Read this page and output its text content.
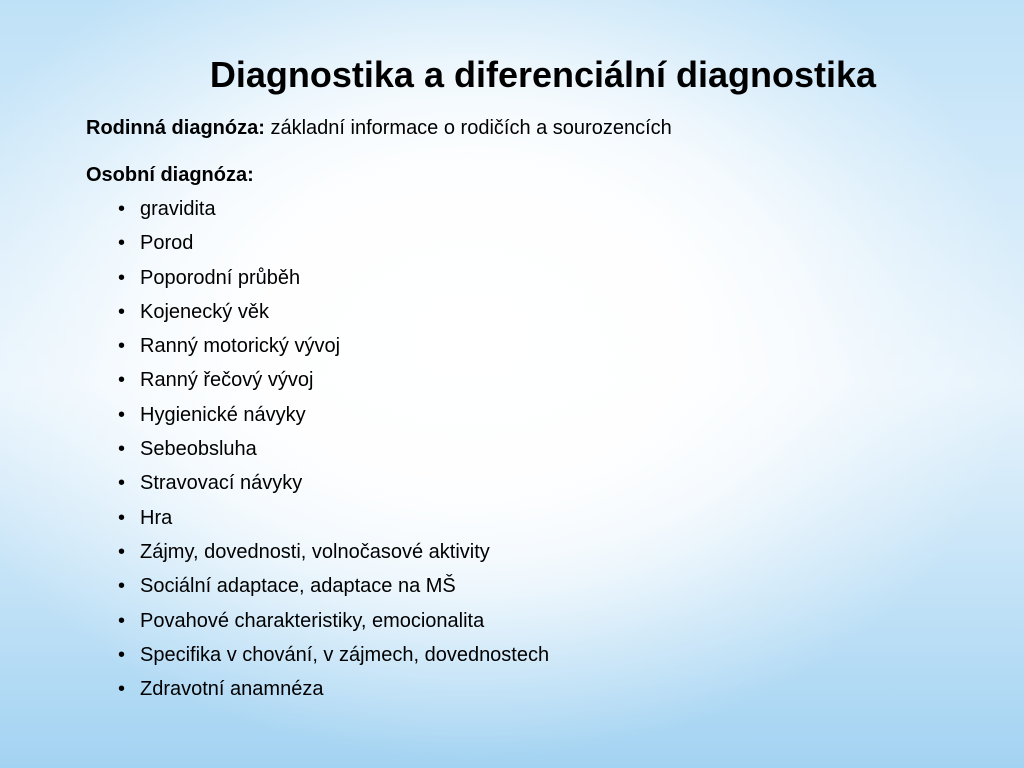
Diagnostika a diferenciální diagnostika
Rodinná diagnóza: základní informace o rodičích a sourozencích
Osobní diagnóza:
• gravidita
• Porod
• Poporodní průběh
• Kojenecký věk
• Ranný motorický vývoj
• Ranný řečový vývoj
• Hygienické návyky
• Sebeobsluha
• Stravovací návyky
• Hra
• Zájmy, dovednosti, volnočasové aktivity
• Sociální adaptace, adaptace na MŠ
• Povahové charakteristiky, emocionalita
• Specifika v chování, v zájmech, dovednostech
• Zdravotní anamnéza
